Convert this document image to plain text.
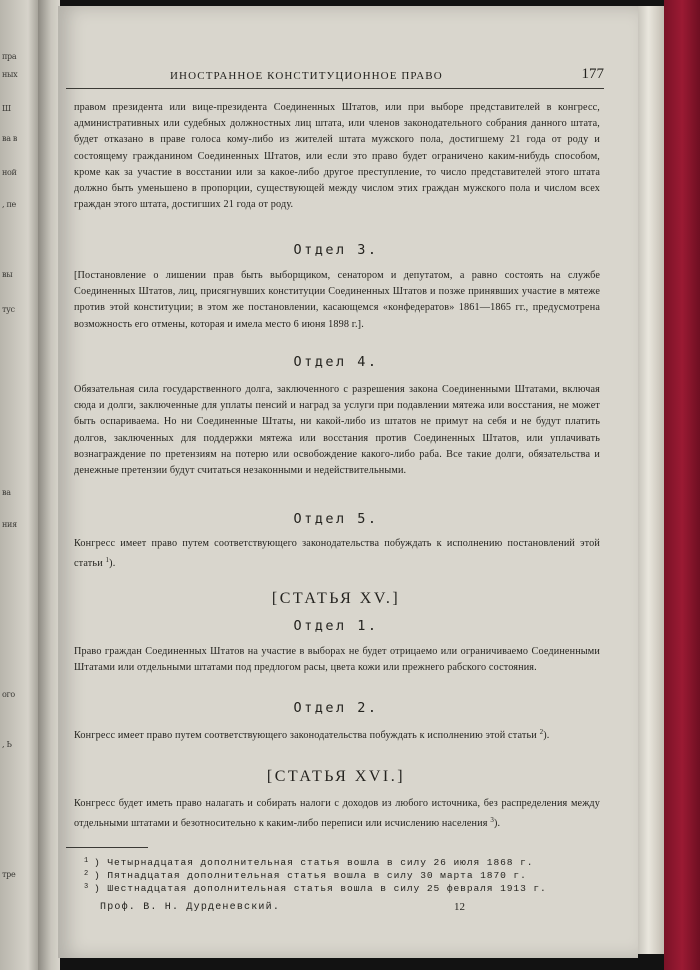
пра
ных
Ш
ва в
ной
, пе
вы
тус
ва
ния
ого
, Ь
тре
ИНОСТРАННОЕ КОНСТИТУЦИОННОЕ ПРАВО	177
правом президента или вице-президента Соединенных Штатов, или при выборе представителей в конгресс, административных или судебных должностных лиц штата, или членов законодательного собрания данного штата, будет отказано в праве голоса кому-либо из жителей штата мужского пола, достигшему 21 года от роду и состоящему гражданином Соединенных Штатов, или если это право будет ограничено каким-нибудь способом, кроме как за участие в восстании или за какое-либо другое преступление, то число представителей этого штата должно быть уменьшено в пропорции, существующей между числом этих граждан мужского пола и числом всех граждан этого штата, достигших 21 года от роду.
Отдел 3.
[Постановление о лишении прав быть выборщиком, сенатором и депутатом, а равно состоять на службе Соединенных Штатов, лиц, присягнувших конституции Соединенных Штатов и позже принявших участие в мятеже против этой конституции; в этом же постановлении, касающемся «конфедератов» 1861—1865 гг., предусмотрена возможность его отмены, которая и имела место 6 июня 1898 г.].
Отдел 4.
Обязательная сила государственного долга, заключенного с разрешения закона Соединенными Штатами, включая сюда и долги, заключенные для уплаты пенсий и наград за услуги при подавлении мятежа или восстания, не может быть оспариваема. Но ни Соединенные Штаты, ни какой-либо из штатов не примут на себя и не будут платить долгов, заключенных для поддержки мятежа или восстания против Соединенных Штатов, или уплачивать вознаграждение по претензиям на потерю или освобождение какого-либо раба. Все такие долги, обязательства и денежные претензии будут считаться незаконными и недействительными.
Отдел 5.
Конгресс имеет право путем соответствующего законодательства побуждать к исполнению постановлений этой статьи $^1$).
[СТАТЬЯ XV.]
Отдел 1.
Право граждан Соединенных Штатов на участие в выборах не будет отрицаемо или ограничиваемо Соединенными Штатами или отдельными штатами под предлогом расы, цвета кожи или прежнего рабского состояния.
Отдел 2.
Конгресс имеет право путем соответствующего законодательства побуждать к исполнению этой статьи $^2$).
[СТАТЬЯ XVI.]
Конгресс будет иметь право налагать и собирать налоги с доходов из любого источника, без распределения между отдельными штатами и безотносительно к каким-либо переписи или исчислению населения $^3$).
1 ) Четырнадцатая дополнительная статья вошла в силу 26 июля 1868 г.
2 ) Пятнадцатая дополнительная статья вошла в силу 30 марта 1870 г.
3 ) Шестнадцатая дополнительная статья вошла в силу 25 февраля 1913 г.
Проф. В. Н. Дурденевский.	12
